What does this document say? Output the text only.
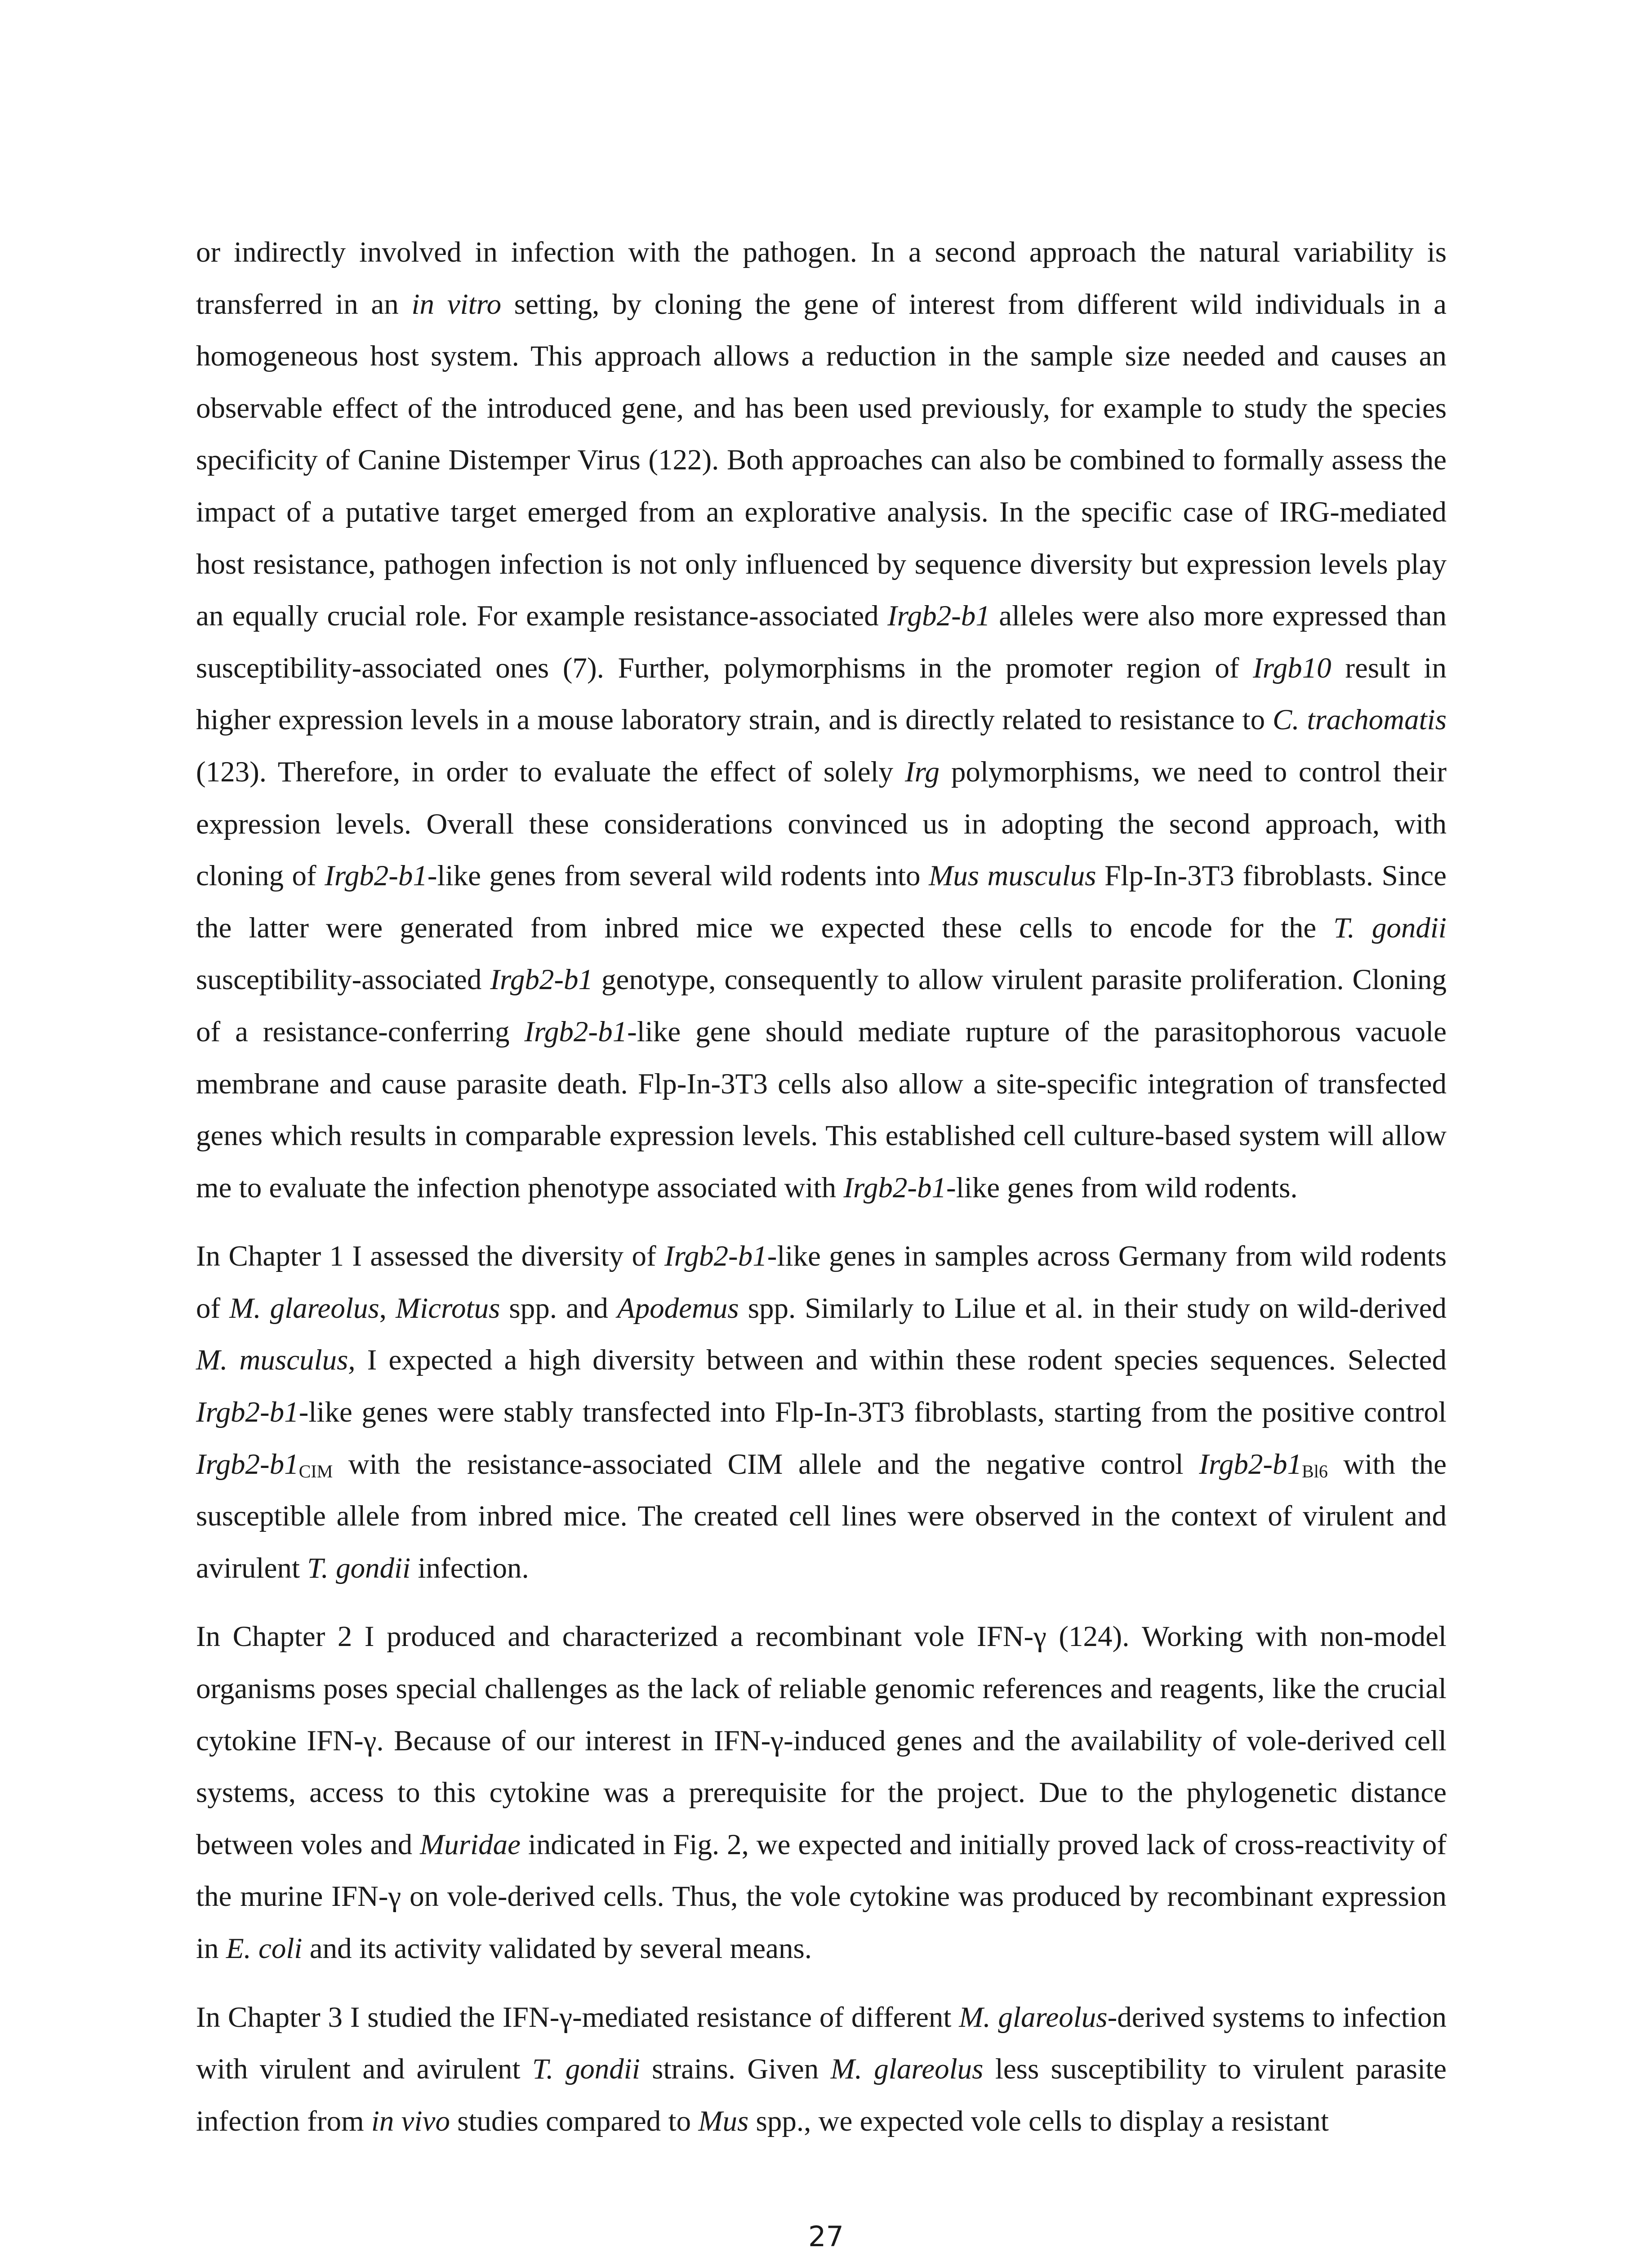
or indirectly involved in infection with the pathogen. In a second approach the natural variability is transferred in an in vitro setting, by cloning the gene of interest from different wild individuals in a homogeneous host system. This approach allows a reduction in the sample size needed and causes an observable effect of the introduced gene, and has been used previously, for example to study the species specificity of Canine Distemper Virus (122). Both approaches can also be combined to formally assess the impact of a putative target emerged from an explorative analysis. In the specific case of IRG-mediated host resistance, pathogen infection is not only influenced by sequence diversity but expression levels play an equally crucial role. For example resistance-associated Irgb2-b1 alleles were also more expressed than susceptibility-associated ones (7). Further, polymorphisms in the promoter region of Irgb10 result in higher expression levels in a mouse laboratory strain, and is directly related to resistance to C. trachomatis (123). Therefore, in order to evaluate the effect of solely Irg polymorphisms, we need to control their expression levels. Overall these considerations convinced us in adopting the second approach, with cloning of Irgb2-b1-like genes from several wild rodents into Mus musculus Flp-In-3T3 fibroblasts. Since the latter were generated from inbred mice we expected these cells to encode for the T. gondii susceptibility-associated Irgb2-b1 genotype, consequently to allow virulent parasite proliferation. Cloning of a resistance-conferring Irgb2-b1-like gene should mediate rupture of the parasitophorous vacuole membrane and cause parasite death. Flp-In-3T3 cells also allow a site-specific integration of transfected genes which results in comparable expression levels. This established cell culture-based system will allow me to evaluate the infection phenotype associated with Irgb2-b1-like genes from wild rodents.

In Chapter 1 I assessed the diversity of Irgb2-b1-like genes in samples across Germany from wild rodents of M. glareolus, Microtus spp. and Apodemus spp. Similarly to Lilue et al. in their study on wild-derived M. musculus, I expected a high diversity between and within these rodent species sequences. Selected Irgb2-b1-like genes were stably transfected into Flp-In-3T3 fibroblasts, starting from the positive control $Irgb2-b1_{CIM}$ with the resistance-associated CIM allele and the negative control $Irgb2-b1_{Bl6}$ with the susceptible allele from inbred mice. The created cell lines were observed in the context of virulent and avirulent T. gondii infection.

In Chapter 2 I produced and characterized a recombinant vole IFN-γ (124). Working with non-model organisms poses special challenges as the lack of reliable genomic references and reagents, like the crucial cytokine IFN-γ. Because of our interest in IFN-γ-induced genes and the availability of vole-derived cell systems, access to this cytokine was a prerequisite for the project. Due to the phylogenetic distance between voles and Muridae indicated in Fig. 2, we expected and initially proved lack of cross-reactivity of the murine IFN-γ on vole-derived cells. Thus, the vole cytokine was produced by recombinant expression in E. coli and its activity validated by several means.

In Chapter 3 I studied the IFN-γ-mediated resistance of different M. glareolus-derived systems to infection with virulent and avirulent T. gondii strains. Given M. glareolus less susceptibility to virulent parasite infection from in vivo studies compared to Mus spp., we expected vole cells to display a resistant

27
